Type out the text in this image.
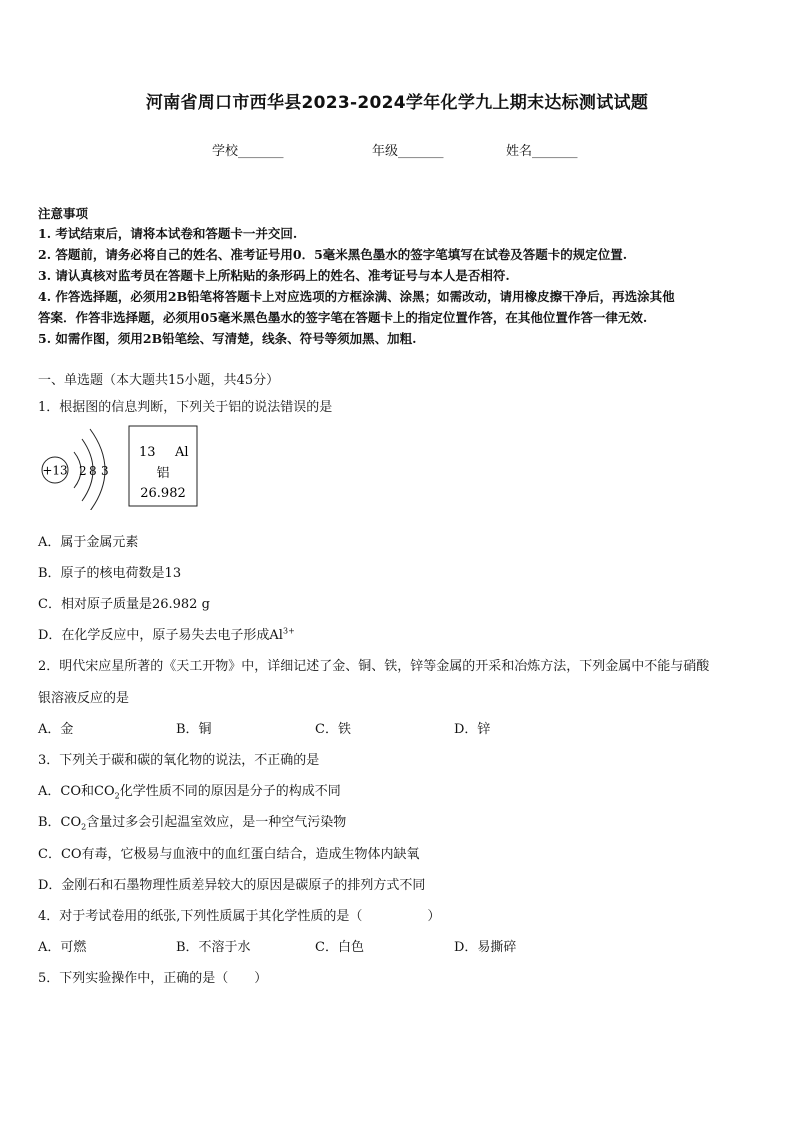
河南省周口市西华县2023-2024学年化学九上期末达标测试试题
学校_______	年级_______	姓名_______
注意事项
1. 考试结束后，请将本试卷和答题卡一并交回.
2. 答题前，请务必将自己的姓名、准考证号用0．5毫米黑色墨水的签字笔填写在试卷及答题卡的规定位置.
3. 请认真核对监考员在答题卡上所粘贴的条形码上的姓名、准考证号与本人是否相符.
4. 作答选择题，必须用2B铅笔将答题卡上对应选项的方框涂满、涂黑；如需改动，请用橡皮擦干净后，再选涂其他
答案．作答非选择题，必须用05毫米黑色墨水的签字笔在答题卡上的指定位置作答，在其他位置作答一律无效.
5. 如需作图，须用2B铅笔绘、写清楚，线条、符号等须加黑、加粗.
一、单选题（本大题共15小题，共45分）
1．根据图的信息判断，下列关于铝的说法错误的是
+13 2 8 3
13 Al
铝
26.982
A．属于金属元素
B．原子的核电荷数是13
C．相对原子质量是26.982 g
D．在化学反应中，原子易失去电子形成$Al^{3+}$
2．明代宋应星所著的《天工开物》中，详细记述了金、铜、铁，锌等金属的开采和冶炼方法，下列金属中不能与硝酸
银溶液反应的是
A．金	B．铜	C．铁	D．锌
3．下列关于碳和碳的氧化物的说法，不正确的是
A．CO和$CO_2$化学性质不同的原因是分子的构成不同
B．$CO_2$含量过多会引起温室效应，是一种空气污染物
C．CO有毒，它极易与血液中的血红蛋白结合，造成生物体内缺氧
D．金刚石和石墨物理性质差异较大的原因是碳原子的排列方式不同
4．对于考试卷用的纸张,下列性质属于其化学性质的是（　　　　　）
A．可燃	B．不溶于水	C．白色	D．易撕碎
5．下列实验操作中，正确的是（　　）
